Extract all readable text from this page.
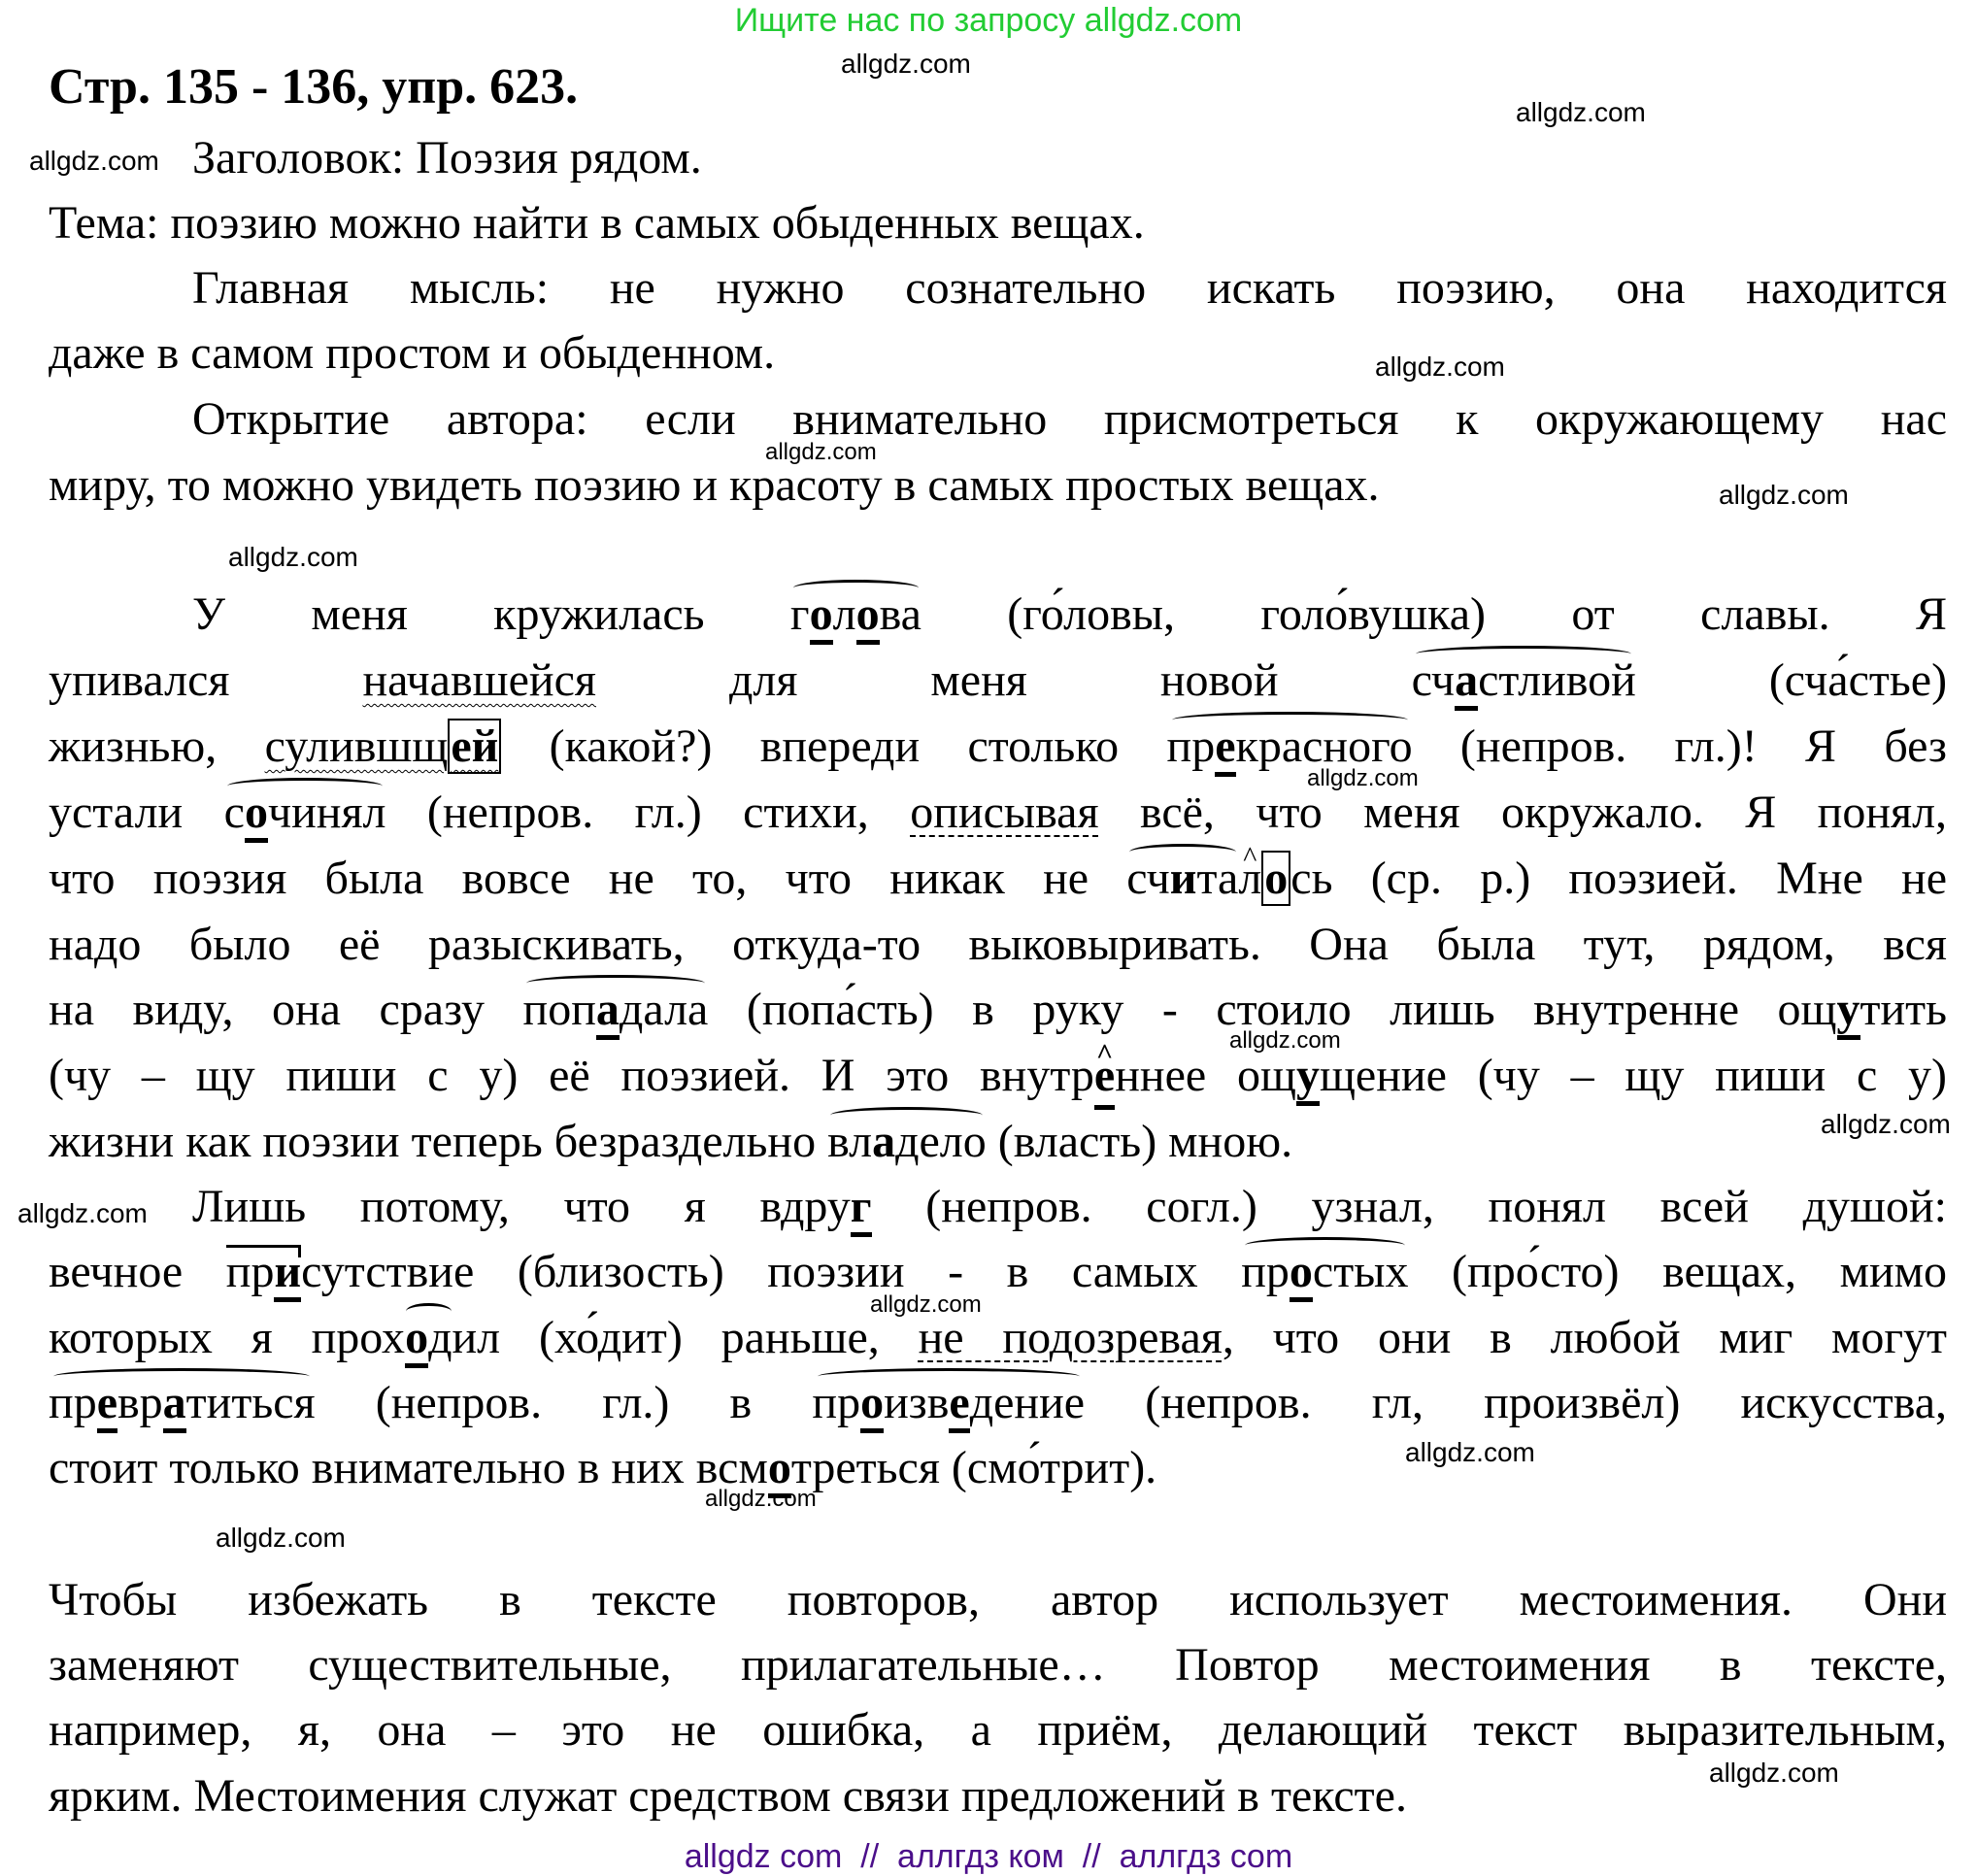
Ищите нас по запросу allgdz.com
Стр. 135 - 136, упр. 623.	allgdz.com
allgdz.com
allgdz.com
allgdz.com
allgdz.com
allgdz.com
allgdz.com
allgdz.com
allgdz.com
allgdz.com
allgdz.com
allgdz.com
allgdz.com
allgdz.com
allgdz.com
allgdz.com
Заголовок: Поэзия рядом.
Тема: поэзию можно найти в самых обыденных вещах.
Главная мысль: не нужно сознательно искать поэзию, она находится
даже в самом простом и обыденном.
Открытие автора: если внимательно присмотреться к окружающему нас
миру, то можно увидеть поэзию и красоту в самых простых вещах.
У меня кружилась голова (го́ловы, голо́вушка) от славы. Я
упивался	начавшейся	для меня новой	счастливой	(сча́стье)
жизнью, сулившщей (какой?) впереди столько прекрасного (непров. гл.)! Я без
устали сочинял (непров. гл.) стихи, описывая всё, что меня окружало. Я понял,
что поэзия была вовсе не то, что никак не счита^ лось (ср. р.) поэзией. Мне не
надо было её разыскивать, откуда-то выковыривать. Она была тут, рядом, вся
на виду, она сразу попадала (попа́сть) в руку - стоило лишь внутренне ощутить
(чу – щу пиши с у) её поэзией. И это внутр^ еннее ощущение (чу – щу пиши с у)
жизни как поэзии теперь безраздельно владело (власть) мною.
Лишь потому, что я вдруг (непров. согл.) узнал, понял всей душой:
вечное присутствие (близость) поэзии - в самых простых (про́сто) вещах, мимо
которых я проходил (хо́дит) раньше, не подозревая, что они в любой миг могут
превратиться (непров. гл.) в произведение (непров. гл, произвёл) искусства,
стоит только внимательно в них всмотреться (смо́трит).
Чтобы избежать в тексте повторов, автор использует местоимения. Они
заменяют существительные, прилагательные… Повтор местоимения в тексте,
например, я, она – это не ошибка, а приём, делающий текст выразительным,
ярким. Местоимения служат средством связи предложений в тексте.
allgdz com  //  аллгдз ком  //  аллгдз com
